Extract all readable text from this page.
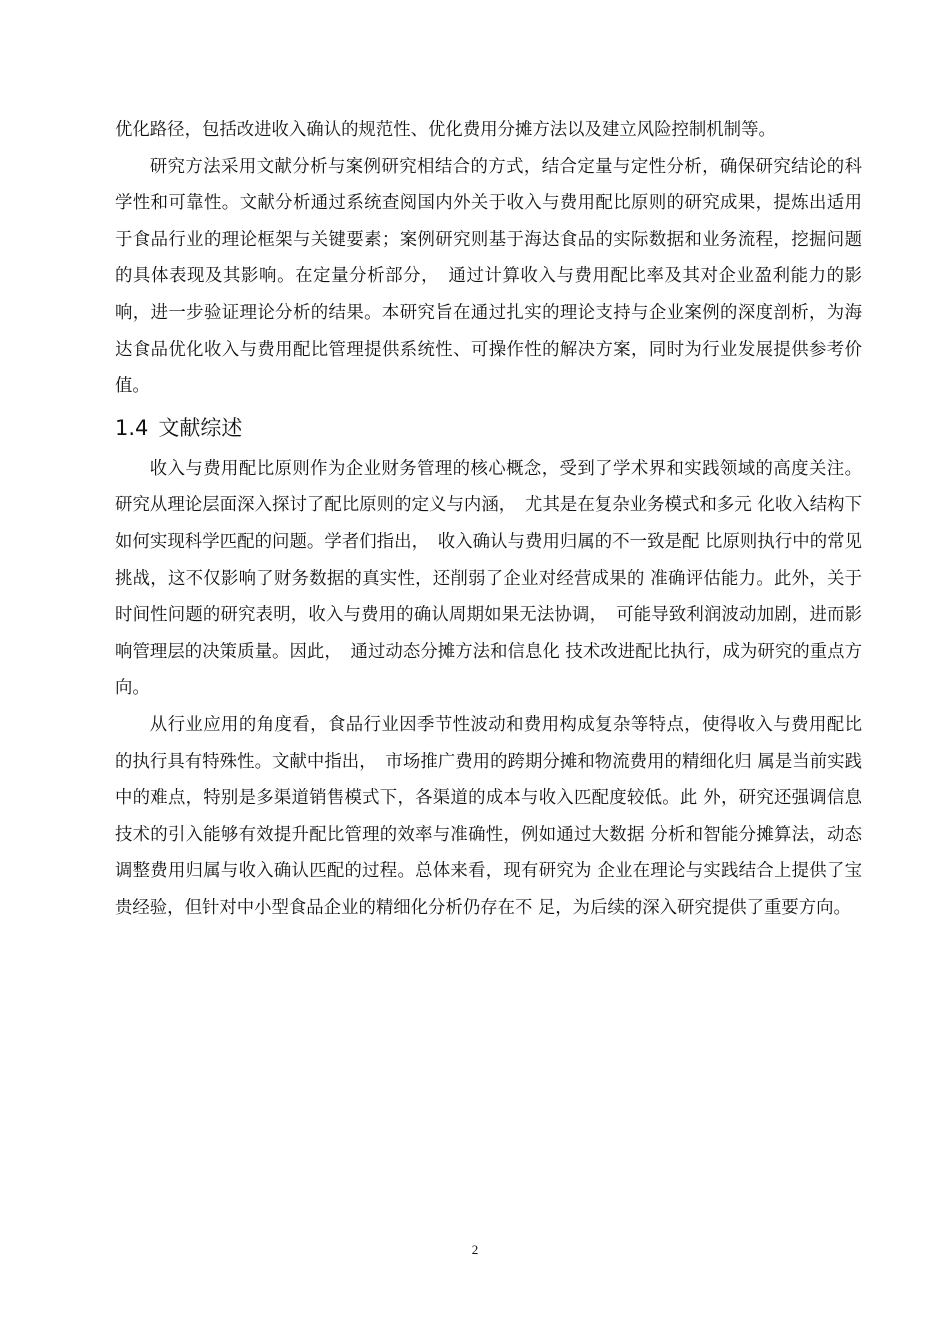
优化路径，包括改进收入确认的规范性、优化费用分摊方法以及建立风险控制机制等。

研究方法采用文献分析与案例研究相结合的方式，结合定量与定性分析，确保研究结论的科学性和可靠性。文献分析通过系统查阅国内外关于收入与费用配比原则的研究成果，提炼出适用于食品行业的理论框架与关键要素；案例研究则基于海达食品的实际数据和业务流程，挖掘问题的具体表现及其影响。在定量分析部分，　通过计算收入与费用配比率及其对企业盈利能力的影响，进一步验证理论分析的结果。本研究旨在通过扎实的理论支持与企业案例的深度剖析，为海达食品优化收入与费用配比管理提供系统性、可操作性的解决方案，同时为行业发展提供参考价值。

1.4 文献综述

收入与费用配比原则作为企业财务管理的核心概念，受到了学术界和实践领域的高度关注。研究从理论层面深入探讨了配比原则的定义与内涵，　尤其是在复杂业务模式和多元 化收入结构下如何实现科学匹配的问题。学者们指出，　收入确认与费用归属的不一致是配 比原则执行中的常见挑战，这不仅影响了财务数据的真实性，还削弱了企业对经营成果的 准确评估能力。此外，关于时间性问题的研究表明，收入与费用的确认周期如果无法协调，　可能导致利润波动加剧，进而影响管理层的决策质量。因此，　通过动态分摊方法和信息化 技术改进配比执行，成为研究的重点方向。

从行业应用的角度看，食品行业因季节性波动和费用构成复杂等特点，使得收入与费用配比的执行具有特殊性。文献中指出，　市场推广费用的跨期分摊和物流费用的精细化归 属是当前实践中的难点，特别是多渠道销售模式下，各渠道的成本与收入匹配度较低。此 外，研究还强调信息技术的引入能够有效提升配比管理的效率与准确性，例如通过大数据 分析和智能分摊算法，动态调整费用归属与收入确认匹配的过程。总体来看，现有研究为 企业在理论与实践结合上提供了宝贵经验，但针对中小型食品企业的精细化分析仍存在不 足，为后续的深入研究提供了重要方向。

2
